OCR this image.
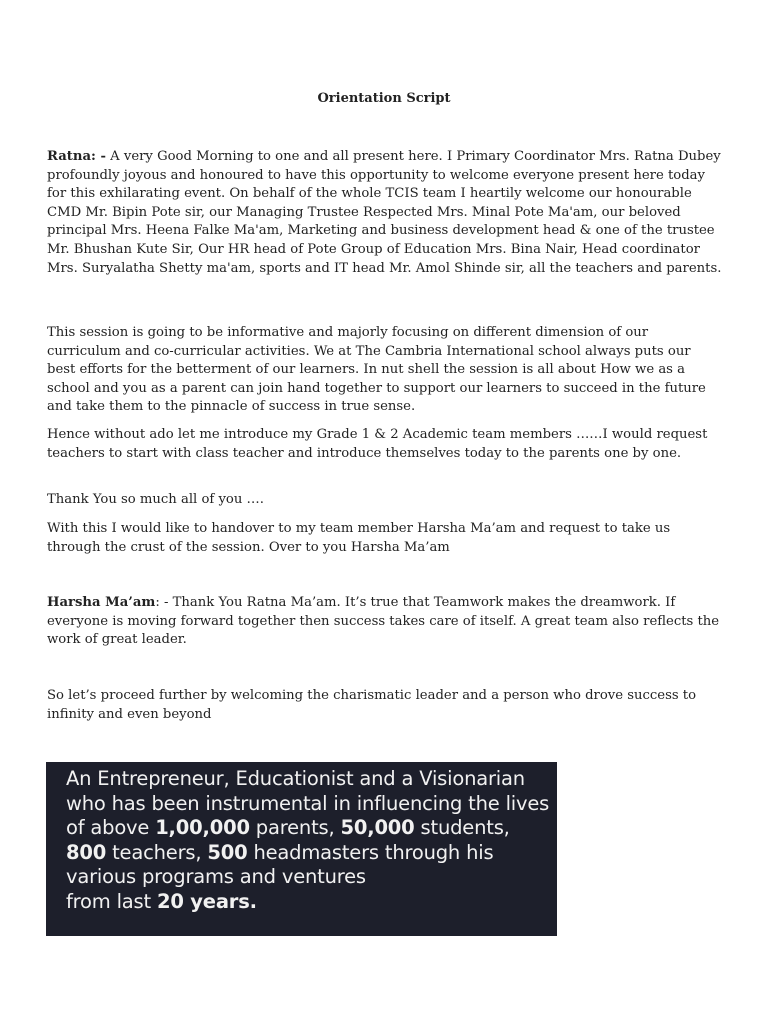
Orientation Script

Ratna: - A very Good Morning to one and all present here. I Primary Coordinator Mrs. Ratna Dubey profoundly joyous and honoured to have this opportunity to welcome everyone present here today for this exhilarating event. On behalf of the whole TCIS team I heartily welcome our honourable CMD Mr. Bipin Pote sir, our Managing Trustee Respected Mrs. Minal Pote Ma'am, our beloved principal Mrs. Heena Falke Ma'am, Marketing and business development head & one of the trustee Mr. Bhushan Kute Sir, Our HR head of Pote Group of Education Mrs. Bina Nair, Head coordinator Mrs. Suryalatha Shetty ma'am, sports and IT head Mr. Amol Shinde sir, all the teachers and parents.

This session is going to be informative and majorly focusing on different dimension of our curriculum and co-curricular activities. We at The Cambria International school always puts our best efforts for the betterment of our learners. In nut shell the session is all about How we as a school and you as a parent can join hand together to support our learners to succeed in the future and take them to the pinnacle of success in true sense.

Hence without ado let me introduce my Grade 1 & 2 Academic team members ……I would request teachers to start with class teacher and introduce themselves today to the parents one by one.

Thank You so much all of you ….

With this I would like to handover to my team member Harsha Ma’am and request to take us through the crust of the session. Over to you Harsha Ma’am

Harsha Ma’am: - Thank You Ratna Ma’am. It’s true that Teamwork makes the dreamwork. If everyone is moving forward together then success takes care of itself. A great team also reflects the work of great leader.

So let’s proceed further by welcoming the charismatic leader and a person who drove success to infinity and even beyond

An Entrepreneur, Educationist and a Visionarian
who has been instrumental in influencing the lives
of above 1,00,000 parents, 50,000 students,
800 teachers, 500 headmasters through his
various programs and ventures
from last 20 years.
